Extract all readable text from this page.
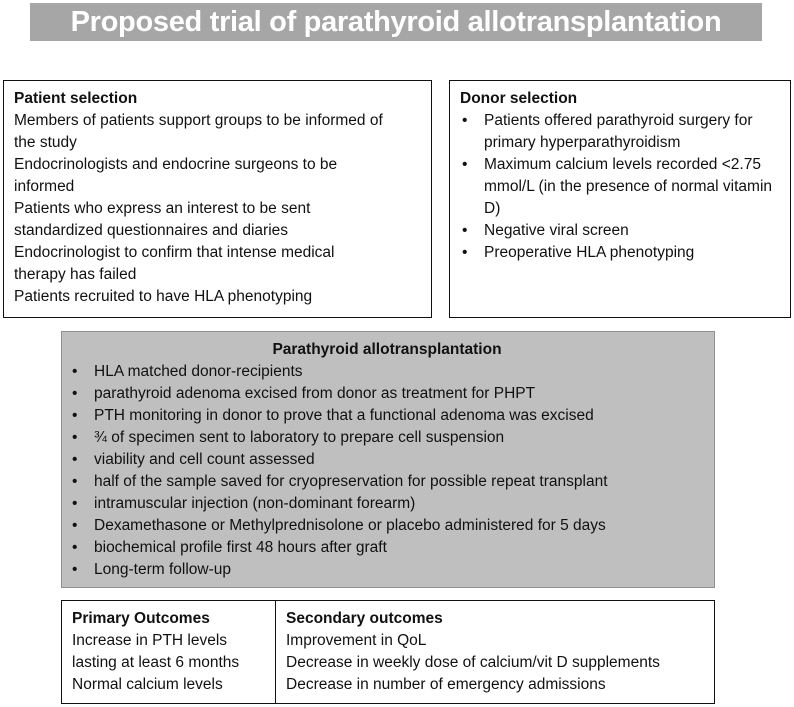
Proposed trial of parathyroid allotransplantation
Patient selection
Members of patients support groups to be informed of
the study
Endocrinologists and endocrine surgeons to be
informed
Patients who express an interest to be sent
standardized questionnaires and diaries
Endocrinologist to confirm that intense medical
therapy has failed
Patients recruited to have HLA phenotyping
Donor selection
• Patients offered parathyroid surgery for primary hyperparathyroidism
• Maximum calcium levels recorded <2.75 mmol/L (in the presence of normal vitamin D)
• Negative viral screen
• Preoperative HLA phenotyping
Parathyroid allotransplantation
• HLA matched donor-recipients
• parathyroid adenoma excised from donor as treatment for PHPT
• PTH monitoring in donor to prove that a functional adenoma was excised
• ¾ of specimen sent to laboratory to prepare cell suspension
• viability and cell count assessed
• half of the sample saved for cryopreservation for possible repeat transplant
• intramuscular injection (non-dominant forearm)
• Dexamethasone or Methylprednisolone or placebo administered for 5 days
• biochemical profile first 48 hours after graft
• Long-term follow-up
Primary Outcomes
Increase in PTH levels
lasting at least 6 months
Normal calcium levels
Secondary outcomes
Improvement in QoL
Decrease in weekly dose of calcium/vit D supplements
Decrease in number of emergency admissions
